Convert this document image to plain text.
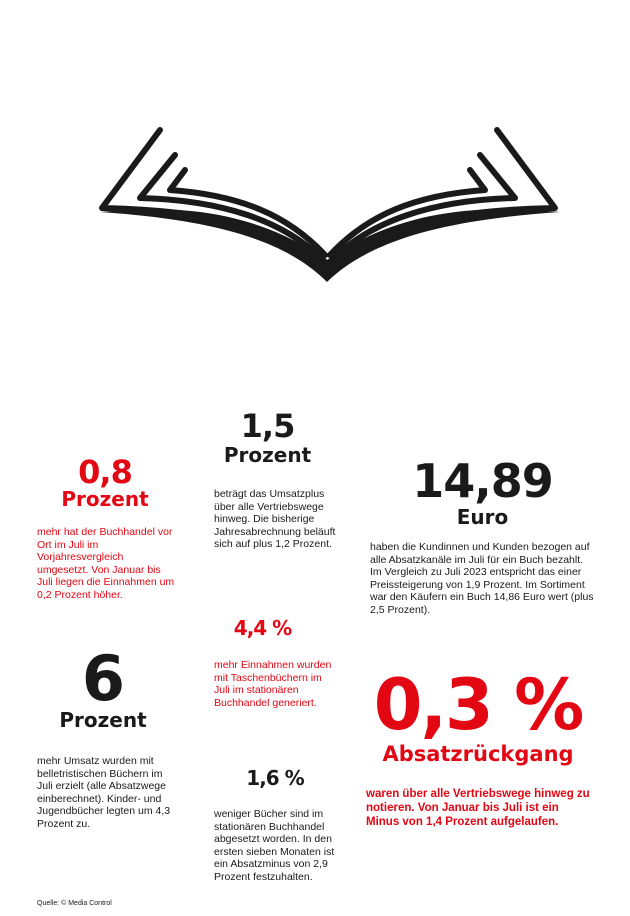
0,8
Prozent

mehr hat der Buchhandel vor Ort im Juli im Vorjahresvergleich umgesetzt. Von Januar bis Juli liegen die Einnahmen um 0,2 Prozent höher.

1,5
Prozent

beträgt das Umsatzplus über alle Vertriebswege hinweg. Die bisherige Jahresabrechnung beläuft sich auf plus 1,2 Prozent.

14,89
Euro

haben die Kundinnen und Kunden bezogen auf alle Absatzkanäle im Juli für ein Buch bezahlt. Im Vergleich zu Juli 2023 entspricht das einer Preissteigerung von 1,9 Prozent. Im Sortiment war den Käufern ein Buch 14,86 Euro wert (plus 2,5 Prozent).

6
Prozent

mehr Umsatz wurden mit belletristischen Büchern im Juli erzielt (alle Absatzwege einberechnet). Kinder- und Jugendbücher legten um 4,3 Prozent zu.

4,4 %

mehr Einnahmen wurden mit Taschenbüchern im Juli im stationären Buchhandel generiert. 0,3 %
Absatzrückgang

waren über alle Vertriebswege hinweg zu notieren. Von Januar bis Juli ist ein Minus von 1,4 Prozent aufgelaufen.

1,6 %

weniger Bücher sind im stationären Buchhandel abgesetzt worden. In den ersten sieben Monaten ist ein Absatzminus von 2,9 Prozent festzuhalten.

Quelle: © Media Control
